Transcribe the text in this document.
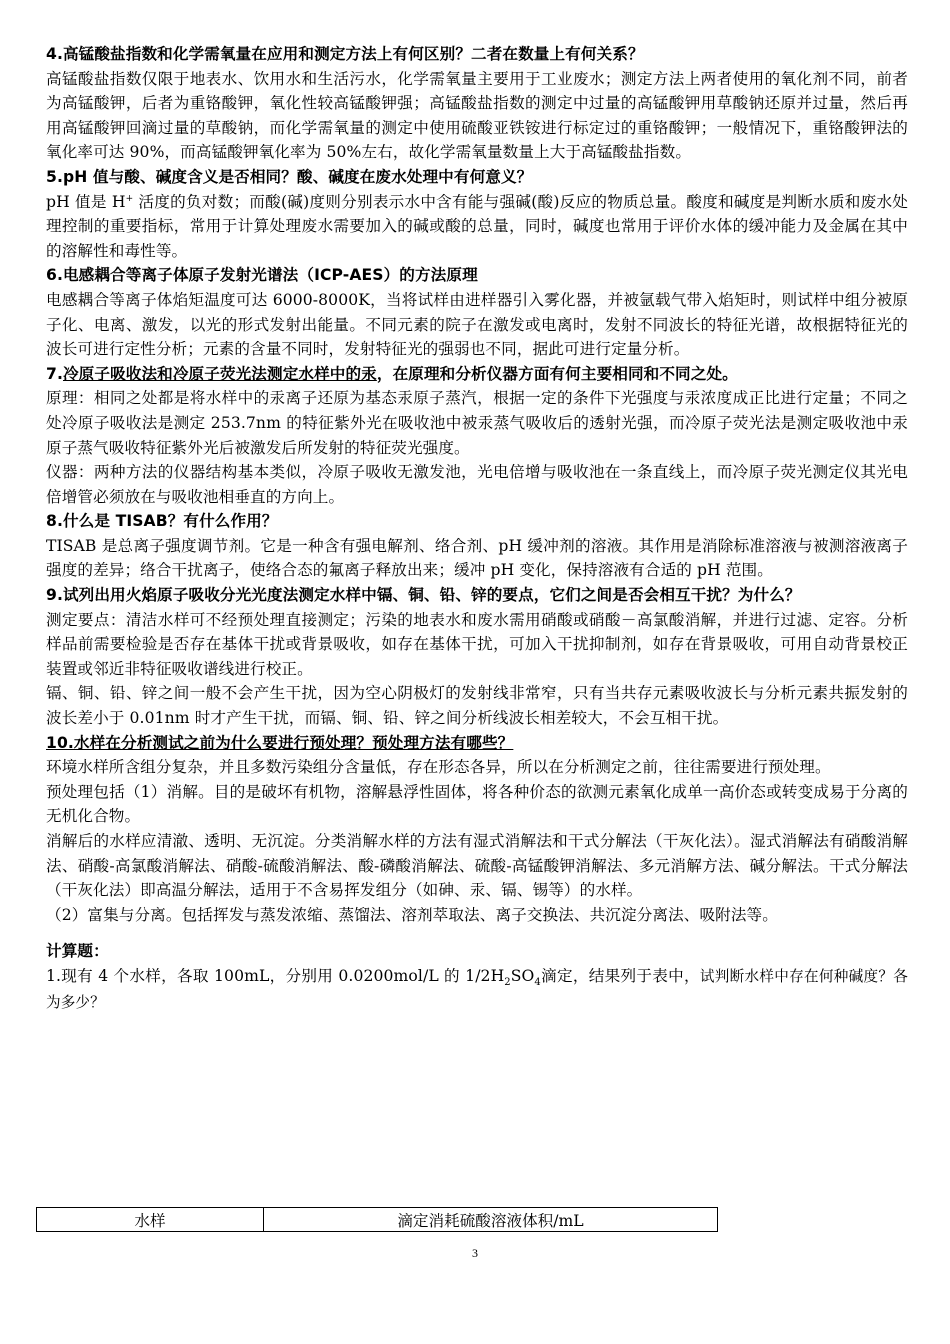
4.高锰酸盐指数和化学需氧量在应用和测定方法上有何区别？二者在数量上有何关系？

高锰酸盐指数仅限于地表水、饮用水和生活污水，化学需氧量主要用于工业废水；测定方法上两者使用的氧化剂不同，前者为高锰酸钾，后者为重铬酸钾，氧化性较高锰酸钾强；高锰酸盐指数的测定中过量的高锰酸钾用草酸钠还原并过量，然后再用高锰酸钾回滴过量的草酸钠，而化学需氧量的测定中使用硫酸亚铁铵进行标定过的重铬酸钾；一般情况下，重铬酸钾法的氧化率可达 90%，而高锰酸钾氧化率为 50%左右，故化学需氧量数量上大于高锰酸盐指数。

5.pH 值与酸、碱度含义是否相同？酸、碱度在废水处理中有何意义？

pH 值是 H+ 活度的负对数；而酸(碱)度则分别表示水中含有能与强碱(酸)反应的物质总量。酸度和碱度是判断水质和废水处理控制的重要指标，常用于计算处理废水需要加入的碱或酸的总量，同时，碱度也常用于评价水体的缓冲能力及金属在其中的溶解性和毒性等。

6.电感耦合等离子体原子发射光谱法（ICP-AES）的方法原理

电感耦合等离子体焰矩温度可达 6000-8000K，当将试样由进样器引入雾化器，并被氩载气带入焰矩时，则试样中组分被原子化、电离、激发，以光的形式发射出能量。不同元素的院子在激发或电离时，发射不同波长的特征光谱，故根据特征光的波长可进行定性分析；元素的含量不同时，发射特征光的强弱也不同，据此可进行定量分析。

7.冷原子吸收法和冷原子荧光法测定水样中的汞，在原理和分析仪器方面有何主要相同和不同之处。

原理：相同之处都是将水样中的汞离子还原为基态汞原子蒸汽，根据一定的条件下光强度与汞浓度成正比进行定量；不同之处冷原子吸收法是测定 253.7nm 的特征紫外光在吸收池中被汞蒸气吸收后的透射光强，而冷原子荧光法是测定吸收池中汞原子蒸气吸收特征紫外光后被激发后所发射的特征荧光强度。

仪器：两种方法的仪器结构基本类似，冷原子吸收无激发池，光电倍增与吸收池在一条直线上，而冷原子荧光测定仪其光电倍增管必须放在与吸收池相垂直的方向上。

8.什么是 TISAB？有什么作用？

TISAB 是总离子强度调节剂。它是一种含有强电解剂、络合剂、pH 缓冲剂的溶液。其作用是消除标准溶液与被测溶液离子强度的差异；络合干扰离子，使络合态的氟离子释放出来；缓冲 pH 变化，保持溶液有合适的 pH 范围。

9.试列出用火焰原子吸收分光光度法测定水样中镉、铜、铅、锌的要点，它们之间是否会相互干扰？为什么？

测定要点：清洁水样可不经预处理直接测定；污染的地表水和废水需用硝酸或硝酸－高氯酸消解，并进行过滤、定容。分析样品前需要检验是否存在基体干扰或背景吸收，如存在基体干扰，可加入干扰抑制剂，如存在背景吸收，可用自动背景校正装置或邻近非特征吸收谱线进行校正。

镉、铜、铅、锌之间一般不会产生干扰，因为空心阴极灯的发射线非常窄，只有当共存元素吸收波长与分析元素共振发射的波长差小于 0.01nm 时才产生干扰，而镉、铜、铅、锌之间分析线波长相差较大，不会互相干扰。

10.水样在分析测试之前为什么要进行预处理？预处理方法有哪些？

环境水样所含组分复杂，并且多数污染组分含量低，存在形态各异，所以在分析测定之前，往往需要进行预处理。

预处理包括（1）消解。目的是破坏有机物，溶解悬浮性固体，将各种价态的欲测元素氧化成单一高价态或转变成易于分离的无机化合物。

消解后的水样应清澈、透明、无沉淀。分类消解水样的方法有湿式消解法和干式分解法（干灰化法）。湿式消解法有硝酸消解法、硝酸-高氯酸消解法、硝酸-硫酸消解法、酸-磷酸消解法、硫酸-高锰酸钾消解法、多元消解方法、碱分解法。干式分解法（干灰化法）即高温分解法，适用于不含易挥发组分（如砷、汞、镉、锡等）的水样。

（2）富集与分离。包括挥发与蒸发浓缩、蒸馏法、溶剂萃取法、离子交换法、共沉淀分离法、吸附法等。

计算题：

1.现有 4 个水样，各取 100mL，分别用 0.0200mol/L 的 $1/2H_2SO_4$滴定，结果列于表中，试判断水样中存在何种碱度？各为多少？

水样	滴定消耗硫酸溶液体积/mL
3
